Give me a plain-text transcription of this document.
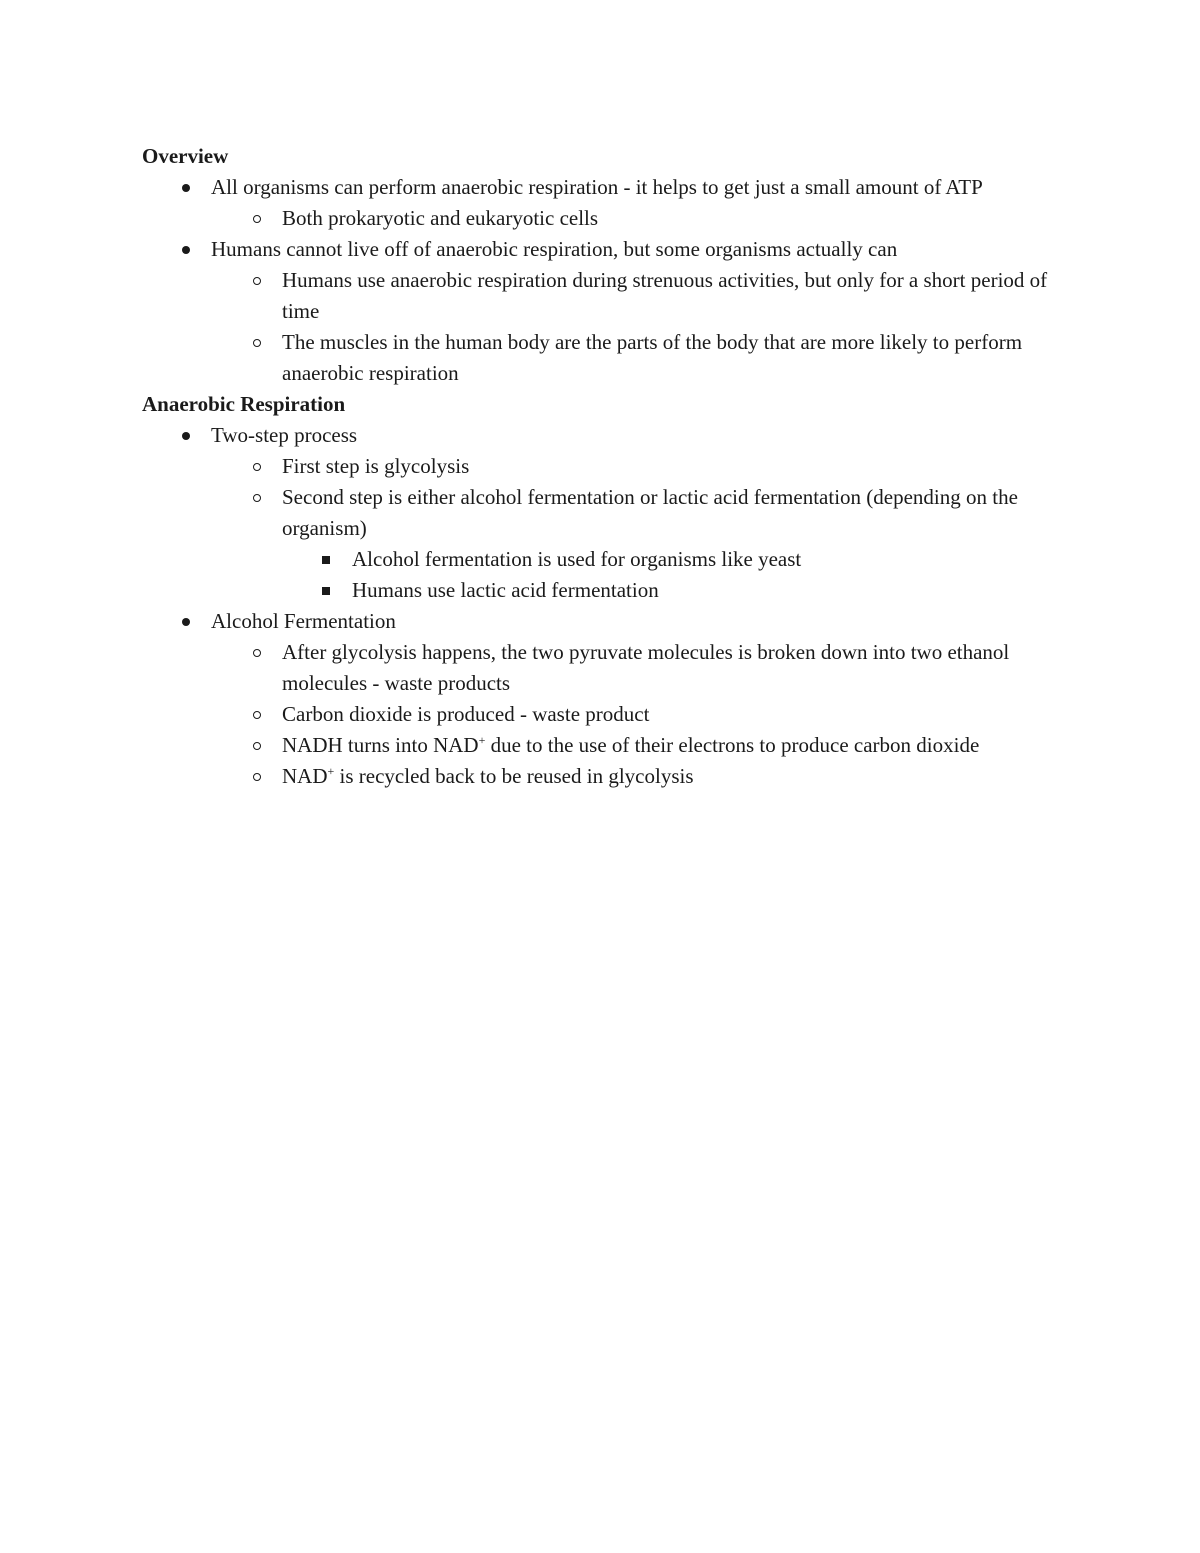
Overview
All organisms can perform anaerobic respiration - it helps to get just a small amount of ATP
Both prokaryotic and eukaryotic cells
Humans cannot live off of anaerobic respiration, but some organisms actually can
Humans use anaerobic respiration during strenuous activities, but only for a short period of time
The muscles in the human body are the parts of the body that are more likely to perform anaerobic respiration
Anaerobic Respiration
Two-step process
First step is glycolysis
Second step is either alcohol fermentation or lactic acid fermentation (depending on the organism)
Alcohol fermentation is used for organisms like yeast
Humans use lactic acid fermentation
Alcohol Fermentation
After glycolysis happens, the two pyruvate molecules is broken down into two ethanol molecules - waste products
Carbon dioxide is produced - waste product
NADH turns into NAD+ due to the use of their electrons to produce carbon dioxide
NAD+ is recycled back to be reused in glycolysis
